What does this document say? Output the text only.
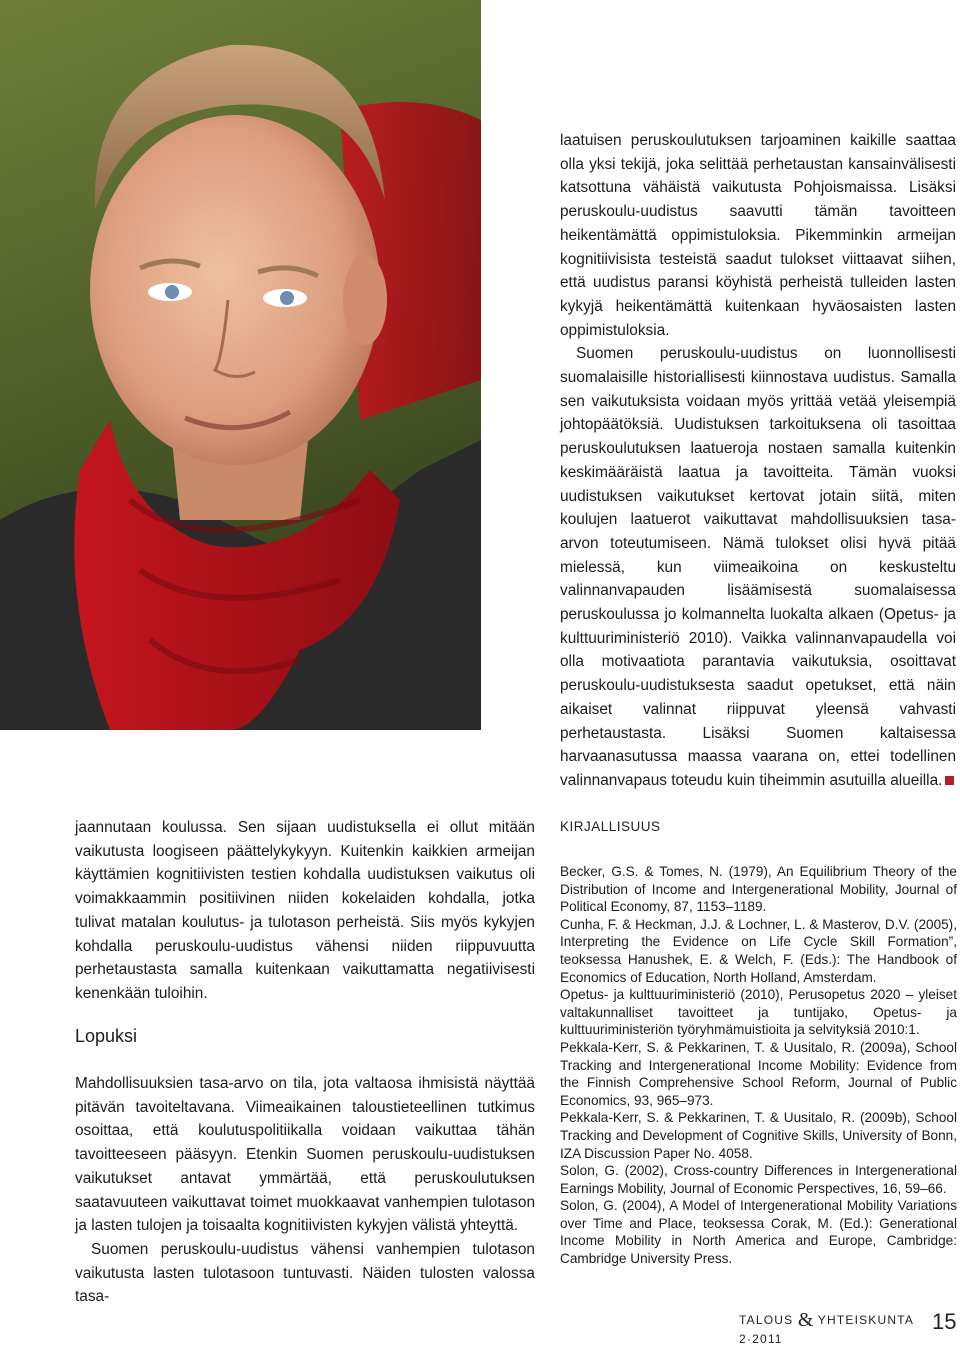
laatuisen peruskoulutuksen tarjoaminen kaikille saattaa olla yksi tekijä, joka selittää perhetaustan kansainvälisesti katsottuna vähäistä vaikutusta Pohjoismaissa. Lisäksi peruskoulu-uudistus saavutti tämän tavoitteen heikentämättä oppimistuloksia. Pikemminkin armeijan kognitiivisista testeistä saadut tulokset viittaavat siihen, että uudistus paransi köyhistä perheistä tulleiden lasten kykyjä heikentämättä kuitenkaan hyväosaisten lasten oppimistuloksia.

Suomen peruskoulu-uudistus on luonnollisesti suomalaisille historiallisesti kiinnostava uudistus. Samalla sen vaikutuksista voidaan myös yrittää vetää yleisempiä johtopäätöksiä. Uudistuksen tarkoituksena oli tasoittaa peruskoulutuksen laatueroja nostaen samalla kuitenkin keskimääräistä laatua ja tavoitteita. Tämän vuoksi uudistuksen vaikutukset kertovat jotain siitä, miten koulujen laatuerot vaikuttavat mahdollisuuksien tasa-arvon toteutumiseen. Nämä tulokset olisi hyvä pitää mielessä, kun viimeaikoina on keskusteltu valinnanvapauden lisäämisestä suomalaisessa peruskoulussa jo kolmannelta luokalta alkaen (Opetus- ja kulttuuriministeriö 2010). Vaikka valinnanvapaudella voi olla motivaatiota parantavia vaikutuksia, osoittavat peruskoulu-uudistuksesta saadut opetukset, että näin aikaiset valinnat riippuvat yleensä vahvasti perhetaustasta. Lisäksi Suomen kaltaisessa harvaanasutussa maassa vaarana on, ettei todellinen valinnanvapaus toteudu kuin tiheimmin asutuilla alueilla.

jaannutaan koulussa. Sen sijaan uudistuksella ei ollut mitään vaikutusta loogiseen päättelykykyyn. Kuitenkin kaikkien armeijan käyttämien kognitiivisten testien kohdalla uudistuksen vaikutus oli voimakkaammin positiivinen niiden kokelaiden kohdalla, jotka tulivat matalan koulutus- ja tulotason perheistä. Siis myös kykyjen kohdalla peruskoulu-uudistus vähensi niiden riippuvuutta perhetaustasta samalla kuitenkaan vaikuttamatta negatiivisesti kenenkään tuloihin.

Lopuksi

Mahdollisuuksien tasa-arvo on tila, jota valtaosa ihmisistä näyttää pitävän tavoiteltavana. Viimeaikainen taloustieteellinen tutkimus osoittaa, että koulutuspolitiikalla voidaan vaikuttaa tähän tavoitteeseen pääsyyn. Etenkin Suomen peruskoulu-uudistuksen vaikutukset antavat ymmärtää, että peruskoulutuksen saatavuuteen vaikuttavat toimet muokkaavat vanhempien tulotason ja lasten tulojen ja toisaalta kognitiivisten kykyjen välistä yhteyttä.

Suomen peruskoulu-uudistus vähensi vanhempien tulotason vaikutusta lasten tulotasoon tuntuvasti. Näiden tulosten valossa tasa-

KIRJALLISUUS

Becker, G.S. & Tomes, N. (1979), An Equilibrium Theory of the Distribution of Income and Intergenerational Mobility, Journal of Political Economy, 87, 1153–1189.

Cunha, F. & Heckman, J.J. & Lochner, L. & Masterov, D.V. (2005), Interpreting the Evidence on Life Cycle Skill Formation”, teoksessa Hanushek, E. & Welch, F. (Eds.): The Handbook of Economics of Education, North Holland, Amsterdam.

Opetus- ja kulttuuriministeriö (2010), Perusopetus 2020 – yleiset valtakunnalliset tavoitteet ja tuntijako, Opetus- ja kulttuuriministeriön työryhmämuistioita ja selvityksiä 2010:1.

Pekkala-Kerr, S. & Pekkarinen, T. & Uusitalo, R. (2009a), School Tracking and Intergenerational Income Mobility: Evidence from the Finnish Comprehensive School Reform, Journal of Public Economics, 93, 965–973.

Pekkala-Kerr, S. & Pekkarinen, T. & Uusitalo, R. (2009b), School Tracking and Development of Cognitive Skills, University of Bonn, IZA Discussion Paper No. 4058.

Solon, G. (2002), Cross-country Differences in Intergenerational Earnings Mobility, Journal of Economic Perspectives, 16, 59–66.

Solon, G. (2004), A Model of Intergenerational Mobility Variations over Time and Place, teoksessa Corak, M. (Ed.): Generational Income Mobility in North America and Europe, Cambridge: Cambridge University Press.

TALOUS & YHTEISKUNTA 2·2011
15
